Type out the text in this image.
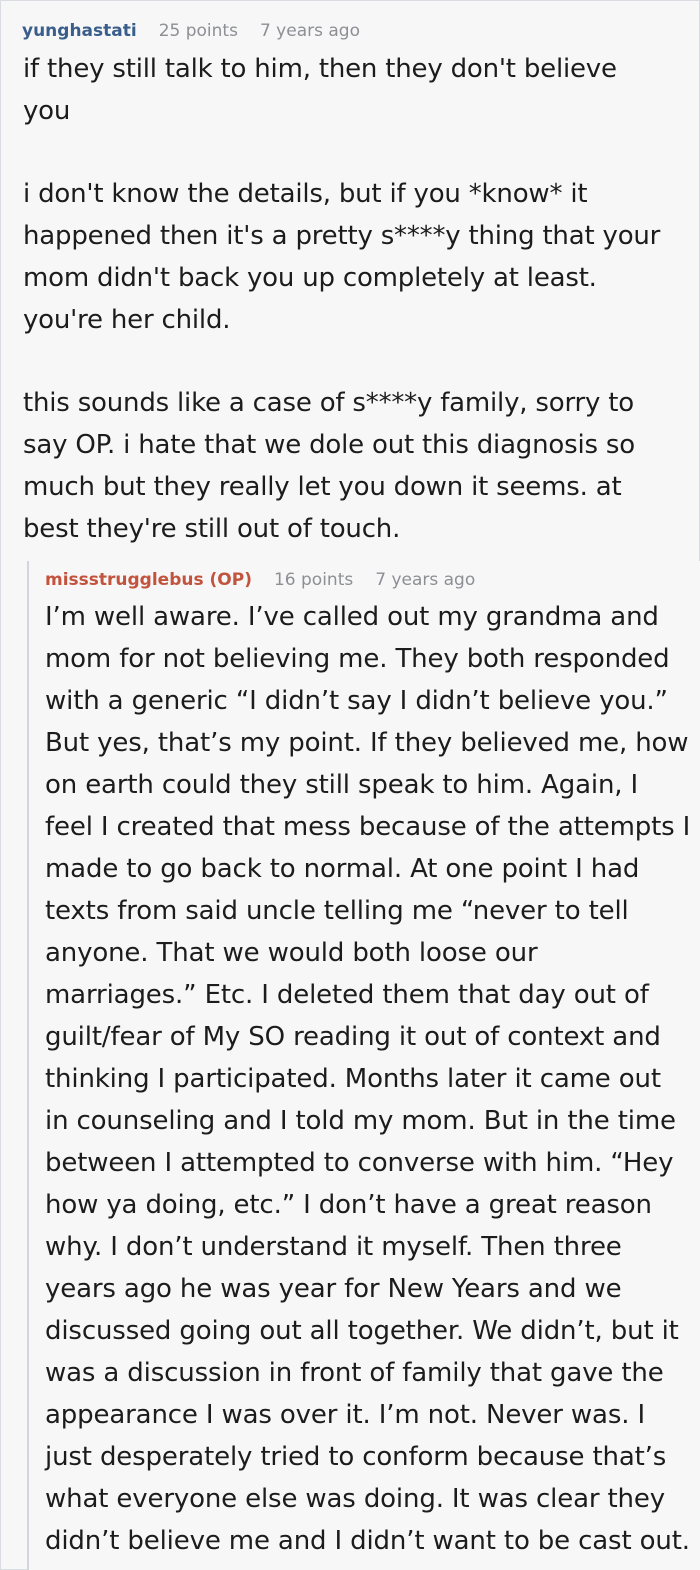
yunghastati 25 points 7 years ago

if they still talk to him, then they don't believe you

i don't know the details, but if you *know* it happened then it's a pretty s****y thing that your mom didn't back you up completely at least. you're her child.

this sounds like a case of s****y family, sorry to say OP. i hate that we dole out this diagnosis so much but they really let you down it seems. at best they're still out of touch.

missstrugglebus (OP) 16 points 7 years ago

I’m well aware. I’ve called out my grandma and mom for not believing me. They both responded with a generic “I didn’t say I didn’t believe you.” But yes, that’s my point. If they believed me, how on earth could they still speak to him. Again, I feel I created that mess because of the attempts I made to go back to normal. At one point I had texts from said uncle telling me “never to tell anyone. That we would both loose our marriages.” Etc. I deleted them that day out of guilt/fear of My SO reading it out of context and thinking I participated. Months later it came out in counseling and I told my mom. But in the time between I attempted to converse with him. “Hey how ya doing, etc.” I don’t have a great reason why. I don’t understand it myself. Then three years ago he was year for New Years and we discussed going out all together. We didn’t, but it was a discussion in front of family that gave the appearance I was over it. I’m not. Never was. I just desperately tried to conform because that’s what everyone else was doing. It was clear they didn’t believe me and I didn’t want to be cast out.
